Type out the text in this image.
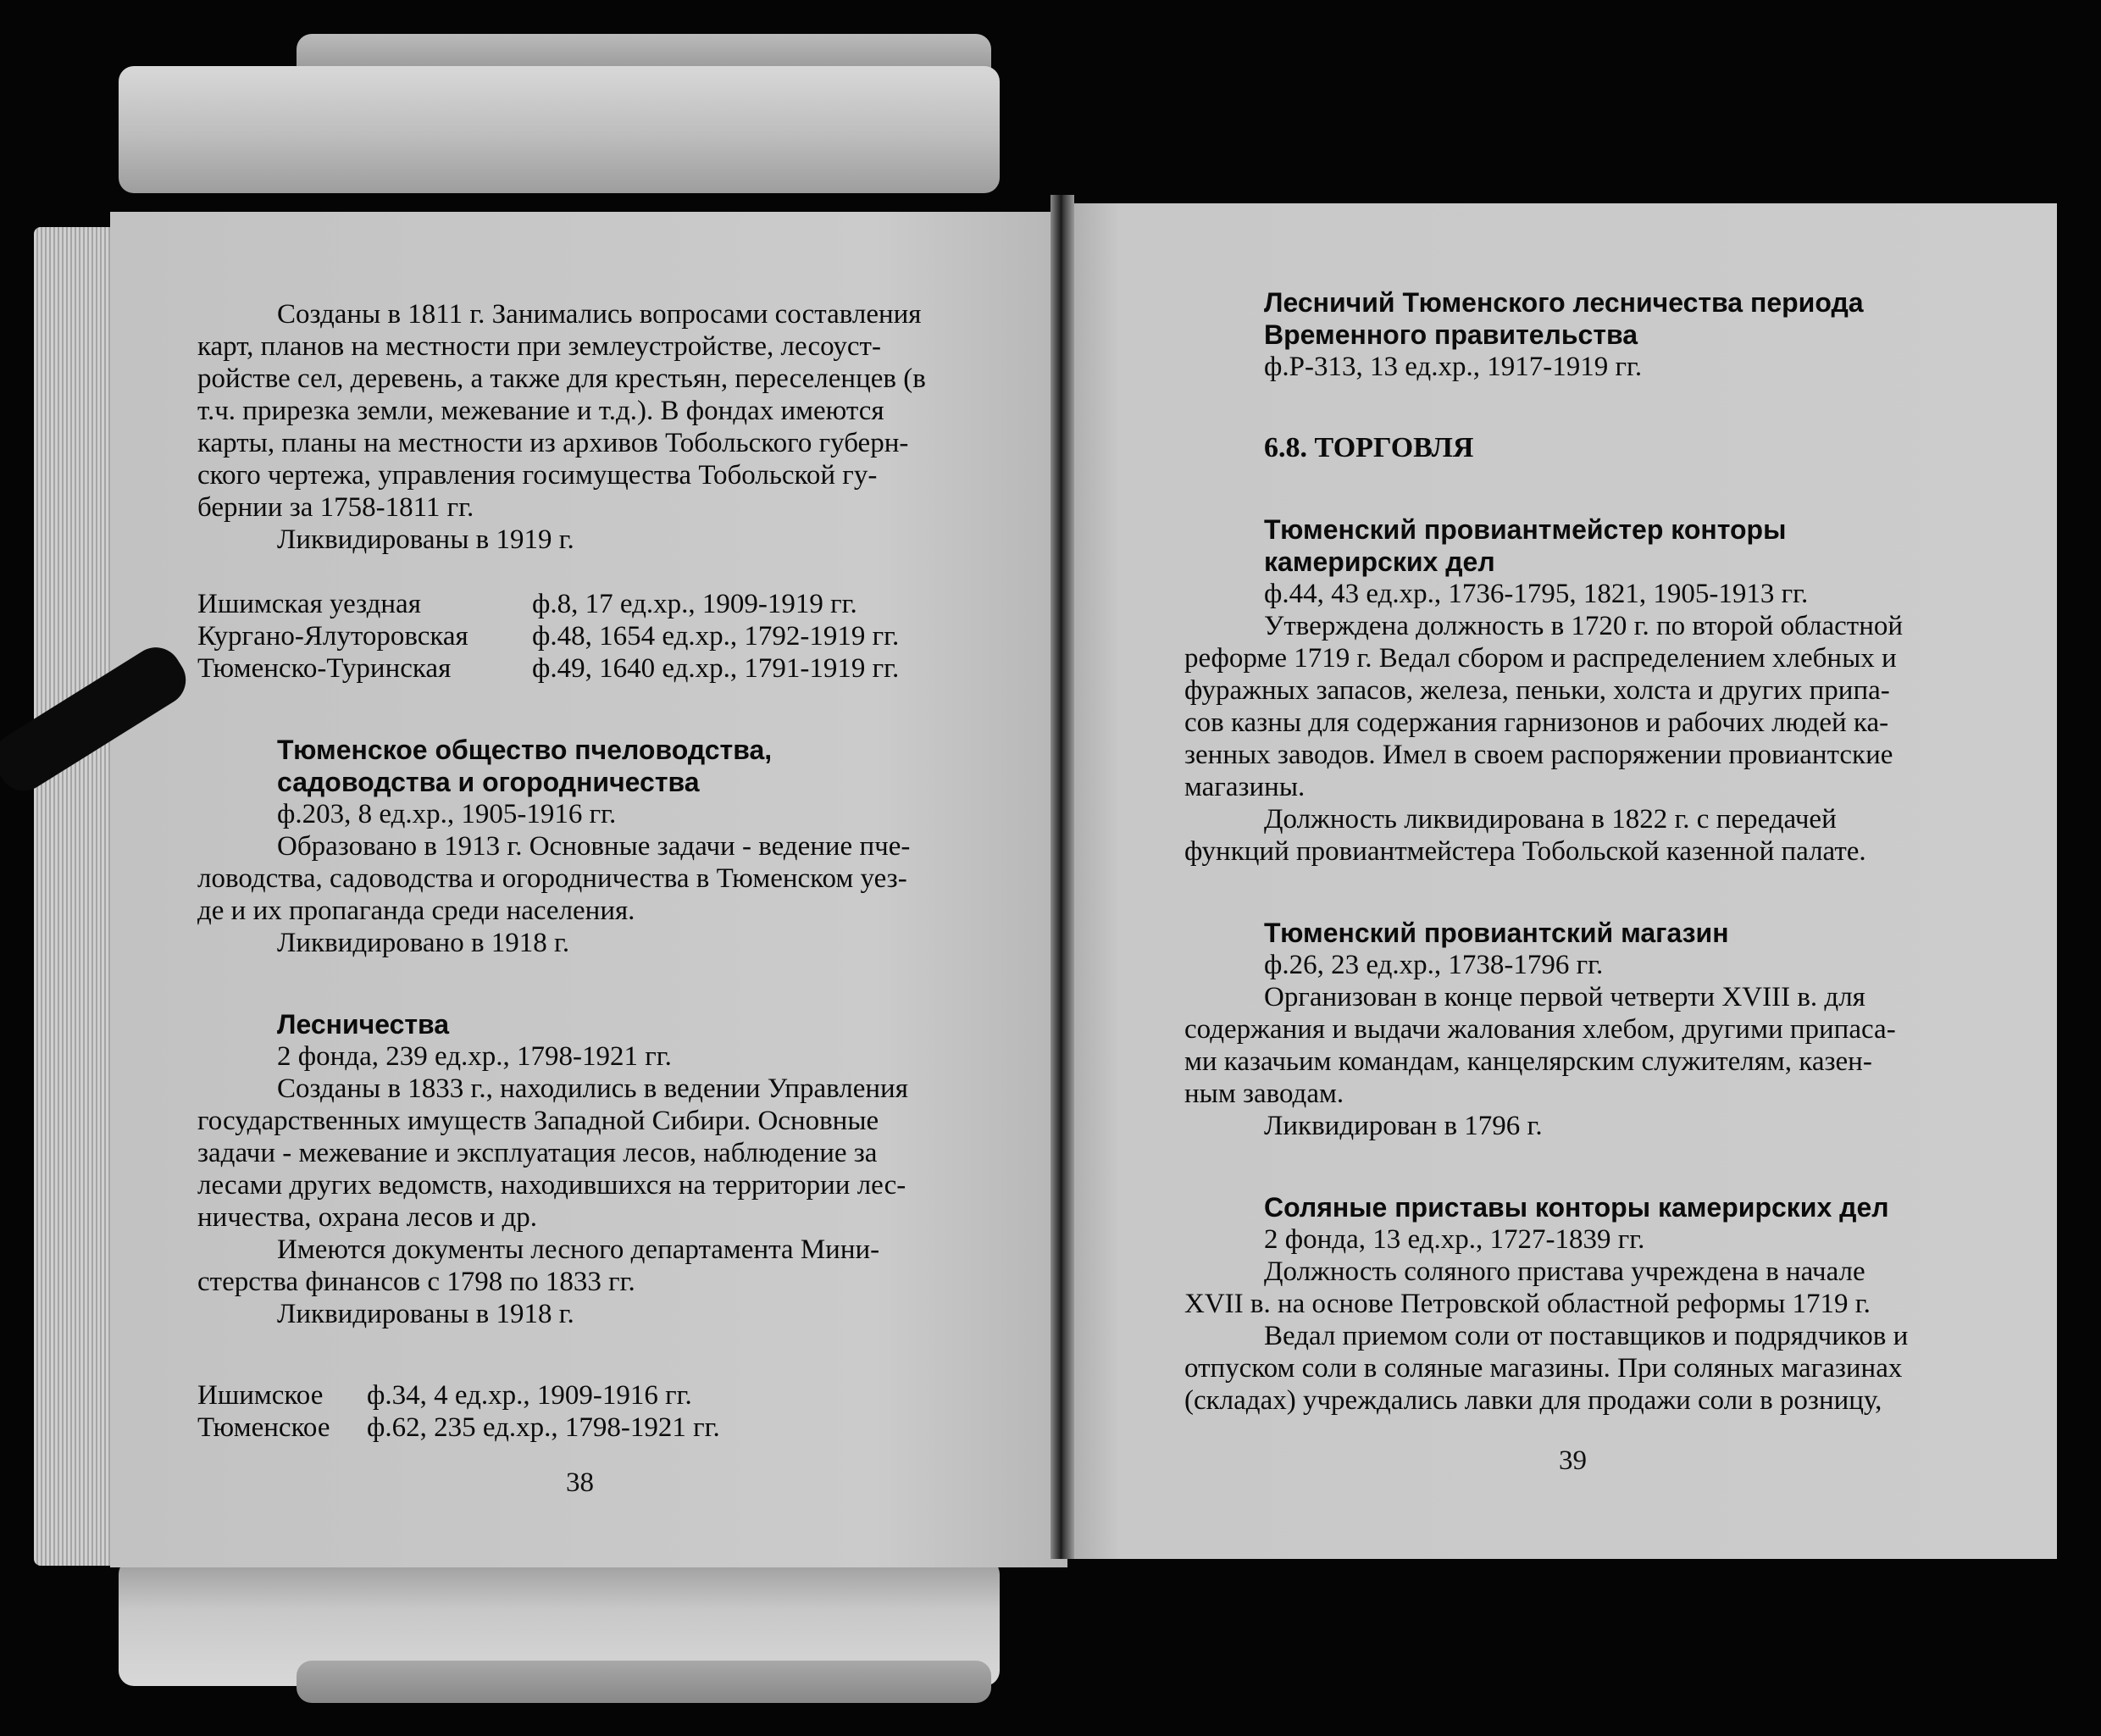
Созданы в 1811 г. Занимались вопросами составления

карт, планов на местности при землеустройстве, лесоуст-

ройстве сел, деревень, а также для крестьян, переселенцев (в

т.ч. прирезка земли, межевание и т.д.). В фондах имеются

карты, планы на местности из архивов Тобольского губерн-

ского чертежа, управления госимущества Тобольской гу-

бернии за 1758-1811 гг.

Ликвидированы в 1919 г.

Ишимская уездная	ф.8, 17 ед.хр., 1909-1919 гг.
Кургано-Ялуторовская	ф.48, 1654 ед.хр., 1792-1919 гг.
Тюменско-Туринская	ф.49, 1640 ед.хр., 1791-1919 гг.

Тюменское общество пчеловодства,

садоводства и огородничества

ф.203, 8 ед.хр., 1905-1916 гг.

Образовано в 1913 г. Основные задачи - ведение пче-

ловодства, садоводства и огородничества в Тюменском уез-

де и их пропаганда среди населения.

Ликвидировано в 1918 г.

Лесничества

2 фонда, 239 ед.хр., 1798-1921 гг.

Созданы в 1833 г., находились в ведении Управления

государственных имуществ Западной Сибири. Основные

задачи - межевание и эксплуатация лесов, наблюдение за

лесами других ведомств, находившихся на территории лес-

ничества, охрана лесов и др.

Имеются документы лесного департамента Мини-

стерства финансов с 1798 по 1833 гг.

Ликвидированы в 1918 г.

Ишимское	ф.34, 4 ед.хр., 1909-1916 гг.
Тюменское	ф.62, 235 ед.хр., 1798-1921 гг.
38

Лесничий Тюменского лесничества периода

Временного правительства

ф.Р-313, 13 ед.хр., 1917-1919 гг.

6.8. ТОРГОВЛЯ

Тюменский провиантмейстер конторы

камерирских дел

ф.44, 43 ед.хр., 1736-1795, 1821, 1905-1913 гг.

Утверждена должность в 1720 г. по второй областной

реформе 1719 г. Ведал сбором и распределением хлебных и

фуражных запасов, железа, пеньки, холста и других припа-

сов казны для содержания гарнизонов и рабочих людей ка-

зенных заводов. Имел в своем распоряжении провиантские

магазины.

Должность ликвидирована в 1822 г. с передачей

функций провиантмейстера Тобольской казенной палате.

Тюменский провиантский магазин

ф.26, 23 ед.хр., 1738-1796 гг.

Организован в конце первой четверти XVIII в. для

содержания и выдачи жалования хлебом, другими припаса-

ми казачьим командам, канцелярским служителям, казен-

ным заводам.

Ликвидирован в 1796 г.

Соляные приставы конторы камерирских дел

2 фонда, 13 ед.хр., 1727-1839 гг.

Должность соляного пристава учреждена в начале

XVII в. на основе Петровской областной реформы 1719 г.

Ведал приемом соли от поставщиков и подрядчиков и

отпуском соли в соляные магазины. При соляных магазинах

(складах) учреждались лавки для продажи соли в розницу,

39
